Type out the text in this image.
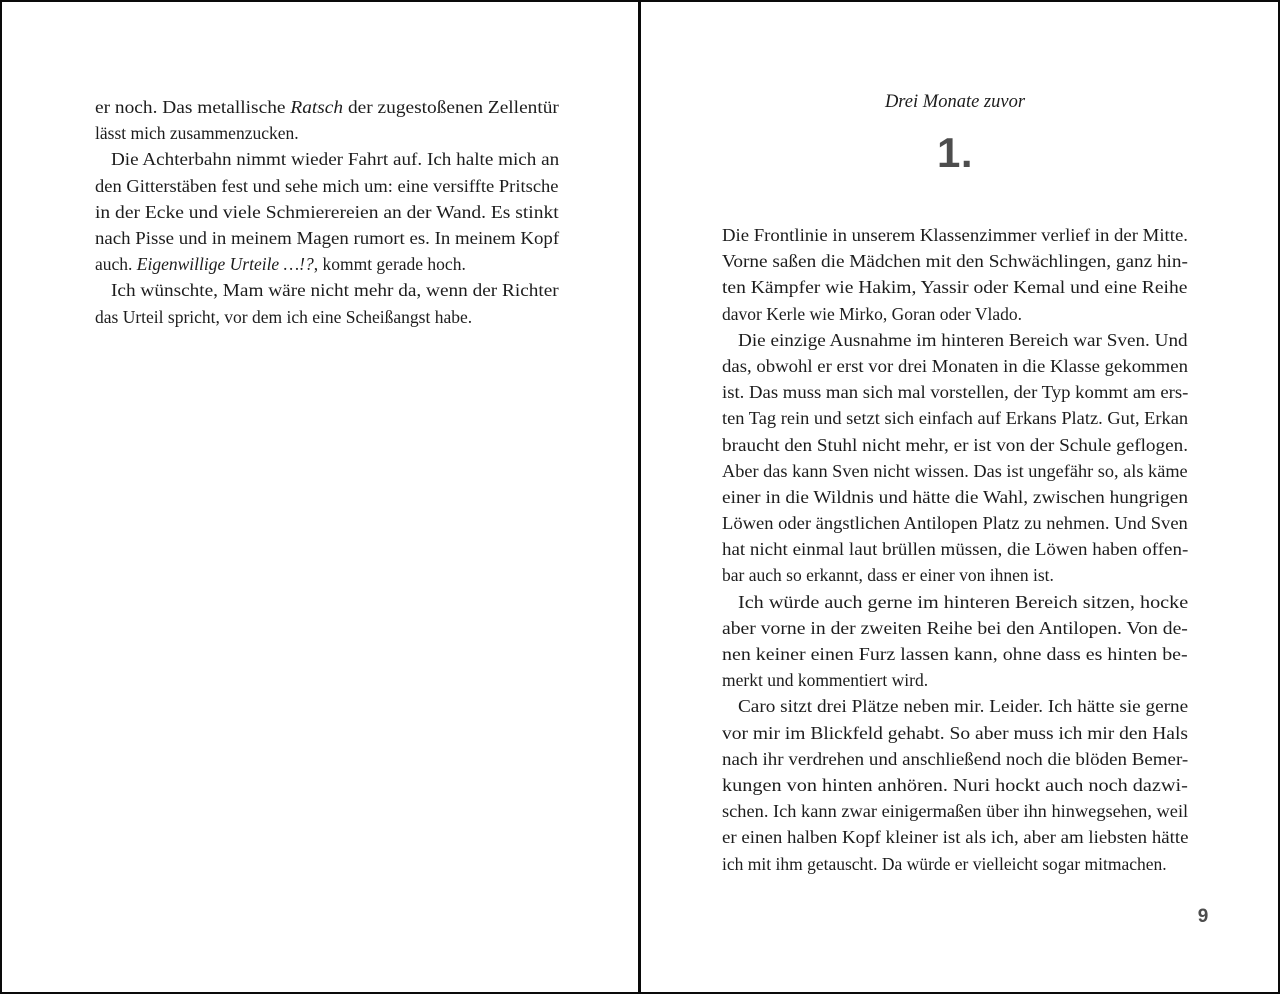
er noch. Das metallische Ratsch der zugestoßenen Zellentür
lässt mich zusammenzucken.
Die Achterbahn nimmt wieder Fahrt auf. Ich halte mich an
den Gitterstäben fest und sehe mich um: eine versiffte Pritsche
in der Ecke und viele Schmierereien an der Wand. Es stinkt
nach Pisse und in meinem Magen rumort es. In meinem Kopf
auch. Eigenwillige Urteile …!?, kommt gerade hoch.
Ich wünschte, Mam wäre nicht mehr da, wenn der Richter
das Urteil spricht, vor dem ich eine Scheißangst habe.
Drei Monate zuvor
1.
Die Frontlinie in unserem Klassenzimmer verlief in der Mitte.
Vorne saßen die Mädchen mit den Schwächlingen, ganz hin-
ten Kämpfer wie Hakim, Yassir oder Kemal und eine Reihe
davor Kerle wie Mirko, Goran oder Vlado.
Die einzige Ausnahme im hinteren Bereich war Sven. Und
das, obwohl er erst vor drei Monaten in die Klasse gekommen
ist. Das muss man sich mal vorstellen, der Typ kommt am ers-
ten Tag rein und setzt sich einfach auf Erkans Platz. Gut, Erkan
braucht den Stuhl nicht mehr, er ist von der Schule geflogen.
Aber das kann Sven nicht wissen. Das ist ungefähr so, als käme
einer in die Wildnis und hätte die Wahl, zwischen hungrigen
Löwen oder ängstlichen Antilopen Platz zu nehmen. Und Sven
hat nicht einmal laut brüllen müssen, die Löwen haben offen-
bar auch so erkannt, dass er einer von ihnen ist.
Ich würde auch gerne im hinteren Bereich sitzen, hocke
aber vorne in der zweiten Reihe bei den Antilopen. Von de-
nen keiner einen Furz lassen kann, ohne dass es hinten be-
merkt und kommentiert wird.
Caro sitzt drei Plätze neben mir. Leider. Ich hätte sie gerne
vor mir im Blickfeld gehabt. So aber muss ich mir den Hals
nach ihr verdrehen und anschließend noch die blöden Bemer-
kungen von hinten anhören. Nuri hockt auch noch dazwi-
schen. Ich kann zwar einigermaßen über ihn hinwegsehen, weil
er einen halben Kopf kleiner ist als ich, aber am liebsten hätte
ich mit ihm getauscht. Da würde er vielleicht sogar mitmachen.
9
